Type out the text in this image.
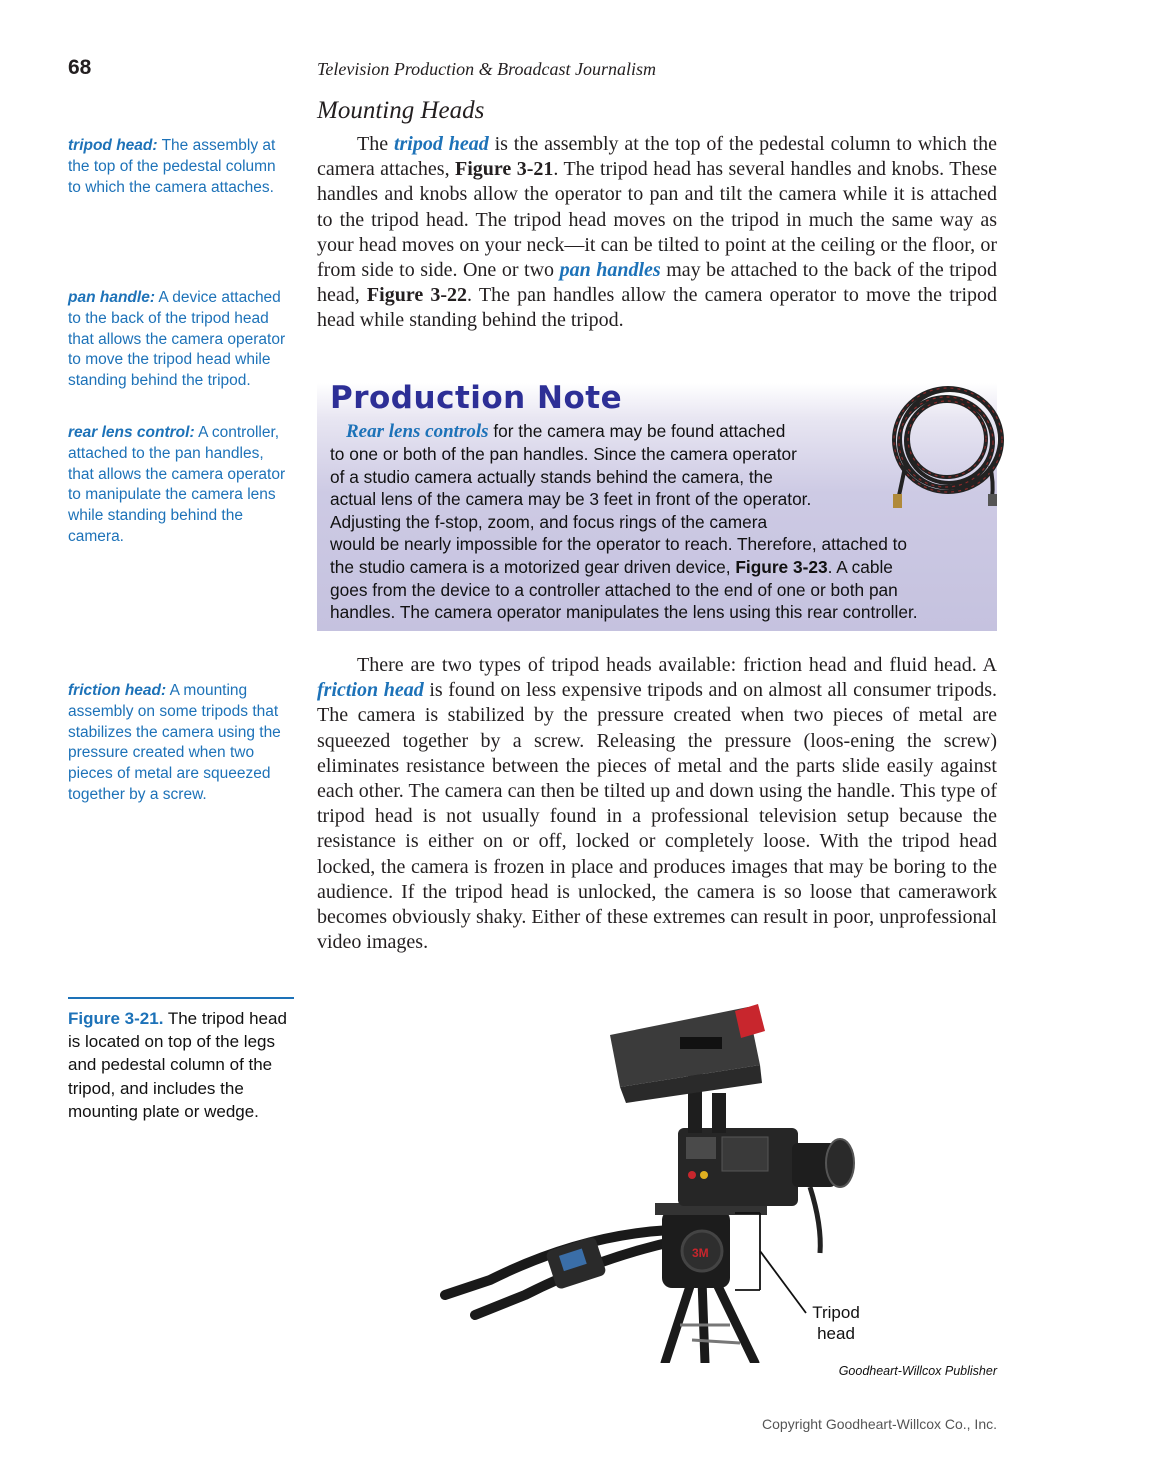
68	Television Production & Broadcast Journalism
Mounting Heads

The tripod head is the assembly at the top of the pedestal column to which the camera attaches, Figure 3-21. The tripod head has several handles and knobs. These handles and knobs allow the operator to pan and tilt the camera while it is attached to the tripod head. The tripod head moves on the tripod in much the same way as your head moves on your neck—it can be tilted to point at the ceiling or the floor, or from side to side. One or two pan handles may be attached to the back of the tripod head, Figure 3-22. The pan handles allow the camera operator to move the tripod head while standing behind the tripod.

Production Note

Rear lens controls for the camera may be found attached
to one or both of the pan handles. Since the camera operator
of a studio camera actually stands behind the camera, the
actual lens of the camera may be 3 feet in front of the operator.
Adjusting the f-stop, zoom, and focus rings of the camera
would be nearly impossible for the operator to reach. Therefore, attached to
the studio camera is a motorized gear driven device, Figure 3-23. A cable
goes from the device to a controller attached to the end of one or both pan
handles. The camera operator manipulates the lens using this rear controller.

There are two types of tripod heads available: friction head and fluid head. A friction head is found on less expensive tripods and on almost all consumer tripods. The camera is stabilized by the pressure created when two pieces of metal are squeezed together by a screw. Releasing the pressure (loos-ening the screw) eliminates resistance between the pieces of metal and the parts slide easily against each other. The camera can then be tilted up and down using the handle. This type of tripod head is not usually found in a professional television setup because the resistance is either on or off, locked or completely loose. With the tripod head locked, the camera is frozen in place and produces images that may be boring to the audience. If the tripod head is unlocked, the camera is so loose that camerawork becomes obviously shaky. Either of these extremes can result in poor, unprofessional video images.

tripod head: The assembly at the top of the pedestal column to which the camera attaches.
pan handle: A device attached to the back of the tripod head that allows the camera operator to move the tripod head while standing behind the tripod.
rear lens control: A controller, attached to the pan handles, that allows the camera operator to manipulate the camera lens while standing behind the camera.
friction head: A mounting assembly on some tripods that stabilizes the camera using the pressure created when two pieces of metal are squeezed together by a screw.
Figure 3-21. The tripod head is located on top of the legs and pedestal column of the tripod, and includes the mounting plate or wedge.
3M
Tripod
head
Goodheart-Willcox Publisher
Copyright Goodheart-Willcox Co., Inc.
